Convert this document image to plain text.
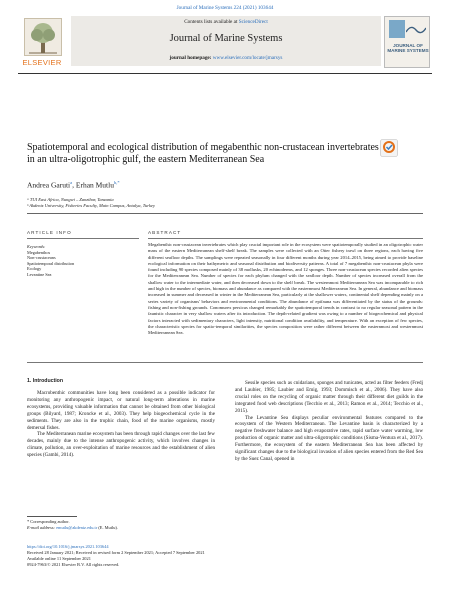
Journal of Marine Systems 224 (2021) 103644
ELSEVIER
Contents lists available at ScienceDirect
Journal of Marine Systems
journal homepage: www.elsevier.com/locate/jmarsys
JOURNAL OF MARINE SYSTEMS
Spatiotemporal and ecological distribution of megabenthic non-crustacean invertebrates in an ultra-oligotrophic gulf, the eastern Mediterranean Sea
Andrea Garuti$^a$, Erhan Mutlu$^{b,*}$
ᵃ TUI East Africa, Nungwi – Zanzibar, Tanzania
ᵇ Akdeniz University, Fisheries Faculty, Main Campus, Antalya, Turkey
ARTICLE INFO	ABSTRACT
Keywords:
Megabenthos
Non-crustaceans
Spatiotemporal distribution
Ecology
Levantine Sea
Megabenthic non-crustacean invertebrates which play crucial important role in the ecosystem were spatiotemporally studied in an oligotrophic water mass of the eastern Mediterranean shelf-shelf break. The samples were collected with an Otter fishery trawl on three regions, each having five different seafloor depths. The samplings were repeated seasonally in four different months during year 2014–2015, being aimed to provide baseline ecological information on their bathymetric and seasonal distribution and biodiversity patterns. A total of 7 megabenthic non-crustacean phyla were found including 90 species composed mainly of 38 mollusks, 20 echinoderms, and 12 sponges. Three non-crustacean species recorded alien species for the Mediterranean Sea. Number of species for each phylum changed with the seafloor depth. Number of species increased overall from the shallow water to the intermediate water, and then decreased down to the shelf break. The westernmost Mediterranean Sea was incomparable to rich and high in the number of species, biomass and abundance as compared with the easternmost Mediterranean Sea. In general, abundance and biomass increased in summer and decreased in winter in the Mediterranean Sea, particularly at the shallower waters, continental shelf depending mainly on a series variety of organisms' behaviors and environmental conditions. The abundance of epifauna was differentiated by the status of the grounds: fishing and non-fishing grounds. Conomurex persicus changed remarkably the spatiotemporal trends in contrast to no regular seasonal pattern in the faunistic character in very shallow waters after its introduction. The depth-related gradient was owing to a number of biogeochemical and physical factors interacted with sedimentary characters, light intensity, nutritional condition availability, and temperature. With an exception of few species, the characteristic species for spatio-temporal similarities, the species composition were rather different between the easternmost and westernmost Mediterranean Sea.
1. Introduction

Macrobenthic communities have long been considered as a possible indicator for monitoring any anthropogenic impact, or natural long-term alterations in marine ecosystems, providing valuable information that cannot be obtained from other biological groups (Bilyard, 1987; Kroncke et al., 2003). They help biogeochemical cycle in the sediments. They are also in the trophic chain, food of the marine organisms, mostly demersal fishes.

The Mediterranean marine ecosystem has been through rapid changes over the last few decades, mainly due to the intense anthropogenic activity, which involves changes in climate, pollution, an over-exploitation of marine resources and the establishment of alien species (Gambi, 2014).

Sessile species such as cnidarians, sponges and tunicates, acted as filter feeders (Fredj and Laubier, 1985; Laubier and Emig, 1993; Dommisch et al., 2006). They have also crucial roles on the recycling of organic matter through their different diet guilds in the integrated food web descriptions (Tecchio et al., 2013; Ramon et al., 2014; Tecchio et al., 2015).

The Levantine Sea displays peculiar environmental features compared to the ecosystem of the Western Mediterranean. The Levantine basin is characterized by a negative freshwater balance and high evaporative rates, rapid surface water warming, low production of organic matter and ultra-oligotrophic conditions (Sisma-Ventura et al., 2017). Furthermore, the ecosystem of the eastern Mediterranean Sea has been affected by significant changes due to the biological invasion of alien species entered from the Red Sea by the Suez Canal, opened in

* Corresponding author.
E-mail address: emutlu@akdeniz.edu.tr (E. Mutlu).
https://doi.org/10.1016/j.jmarsys.2021.103644
Received 28 January 2021; Received in revised form 2 September 2021; Accepted 7 September 2021
Available online 11 September 2021
0924-7963/© 2021 Elsevier B.V. All rights reserved.
